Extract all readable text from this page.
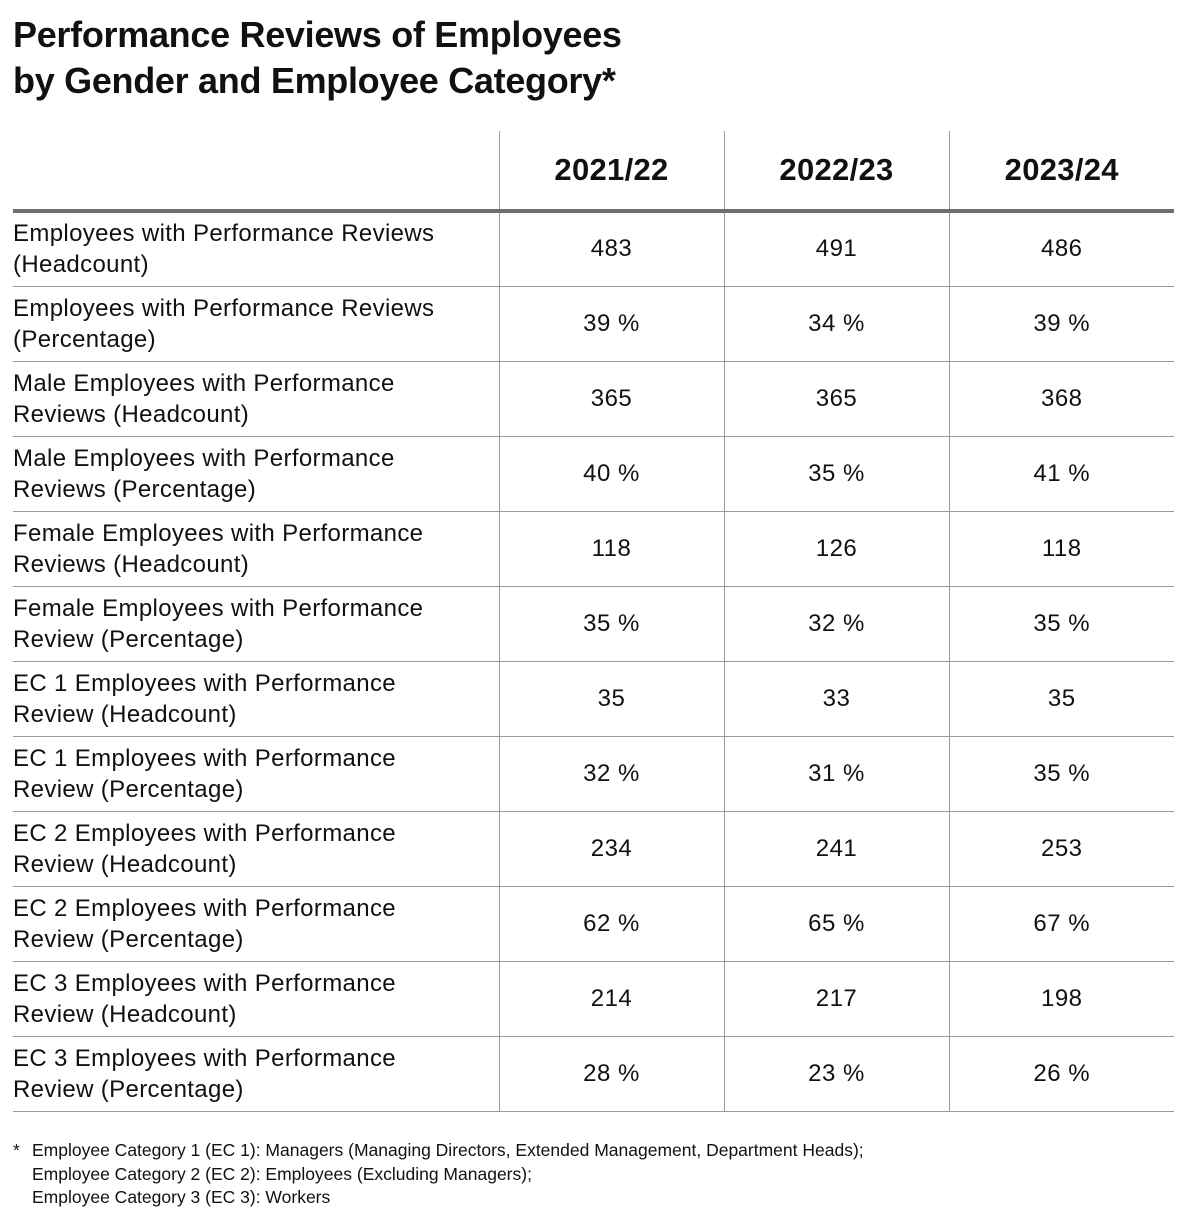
Performance Reviews of Employees
by Gender and Employee Category*
	2021/22	2022/23	2023/24
Employees with Performance Reviews
(Headcount)	483	491	486
Employees with Performance Reviews
(Percentage)	39 %	34 %	39 %
Male Employees with Performance
Reviews (Headcount)	365	365	368
Male Employees with Performance
Reviews (Percentage)	40 %	35 %	41 %
Female Employees with Performance
Reviews (Headcount)	118	126	118
Female Employees with Performance
Review (Percentage)	35 %	32 %	35 %
EC 1 Employees with Performance
Review (Headcount)	35	33	35
EC 1 Employees with Performance
Review (Percentage)	32 %	31 %	35 %
EC 2 Employees with Performance
Review (Headcount)	234	241	253
EC 2 Employees with Performance
Review (Percentage)	62 %	65 %	67 %
EC 3 Employees with Performance
Review (Headcount)	214	217	198
EC 3 Employees with Performance
Review (Percentage)	28 %	23 %	26 %
* Employee Category 1 (EC 1): Managers (Managing Directors, Extended Management, Department Heads);
Employee Category 2 (EC 2): Employees (Excluding Managers);
Employee Category 3 (EC 3): Workers
